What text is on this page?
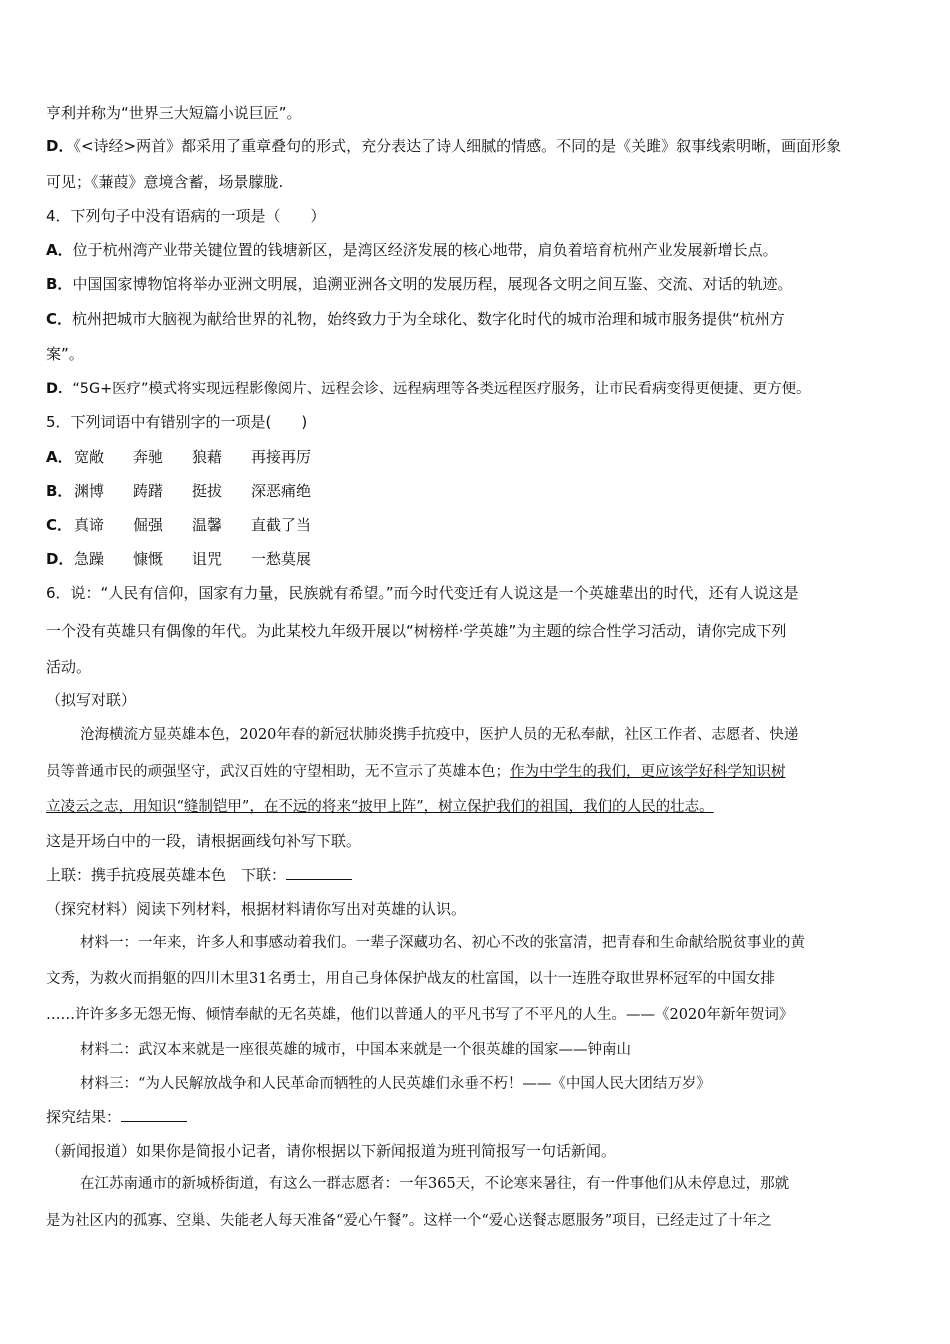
亨利并称为“世界三大短篇小说巨匠”。
D．《<诗经>两首》都采用了重章叠句的形式，充分表达了诗人细腻的情感。不同的是《关雎》叙事线索明晰，画面形象
可见；《蒹葭》意境含蓄，场景朦胧.
4．下列句子中没有语病的一项是（　　）
A．位于杭州湾产业带关键位置的钱塘新区，是湾区经济发展的核心地带，肩负着培育杭州产业发展新增长点。
B．中国国家博物馆将举办亚洲文明展，追溯亚洲各文明的发展历程，展现各文明之间互鉴、交流、对话的轨迹。
C．杭州把城市大脑视为献给世界的礼物，始终致力于为全球化、数字化时代的城市治理和城市服务提供“杭州方
案”。
D．“5G+医疗”模式将实现远程影像阅片、远程会诊、远程病理等各类远程医疗服务，让市民看病变得更便捷、更方便。
5．下列词语中有错别字的一项是(　　)
A．宽敞 奔驰 狼藉 再接再厉
B． 渊博 踌躇 挺拔 深恶痛绝
C． 真谛 倔强 温馨 直截了当
D．急躁 慷慨 诅咒 一愁莫展
6．说：“人民有信仰，国家有力量，民族就有希望。”而今时代变迁有人说这是一个英雄辈出的时代，还有人说这是
一个没有英雄只有偶像的年代。为此某校九年级开展以“树榜样·学英雄”为主题的综合性学习活动，请你完成下列
活动。
（拟写对联）
沧海横流方显英雄本色，2020年春的新冠状肺炎携手抗疫中，医护人员的无私奉献，社区工作者、志愿者、快递
员等普通市民的顽强坚守，武汉百姓的守望相助，无不宣示了英雄本色；作为中学生的我们，更应该学好科学知识树
立凌云之志，用知识“缝制铠甲”，在不远的将来“披甲上阵”，树立保护我们的祖国，我们的人民的壮志。
这是开场白中的一段，请根据画线句补写下联。
上联：携手抗疫展英雄本色　下联：
（探究材料）阅读下列材料，根据材料请你写出对英雄的认识。
材料一：一年来，许多人和事感动着我们。一辈子深藏功名、初心不改的张富清，把青春和生命献给脱贫事业的黄
文秀，为救火而捐躯的四川木里31名勇士，用自己身体保护战友的杜富国，以十一连胜夺取世界杯冠军的中国女排
……许许多多无怨无悔、倾情奉献的无名英雄，他们以普通人的平凡书写了不平凡的人生。——《2020年新年贺词》
材料二：武汉本来就是一座很英雄的城市，中国本来就是一个很英雄的国家——钟南山
材料三：“为人民解放战争和人民革命而牺牲的人民英雄们永垂不朽！——《中国人民大团结万岁》
探究结果：
（新闻报道）如果你是简报小记者，请你根据以下新闻报道为班刊简报写一句话新闻。
在江苏南通市的新城桥街道，有这么一群志愿者：一年365天，不论寒来暑往，有一件事他们从未停息过，那就
是为社区内的孤寡、空巢、失能老人每天准备“爱心午餐”。这样一个“爱心送餐志愿服务”项目，已经走过了十年之
